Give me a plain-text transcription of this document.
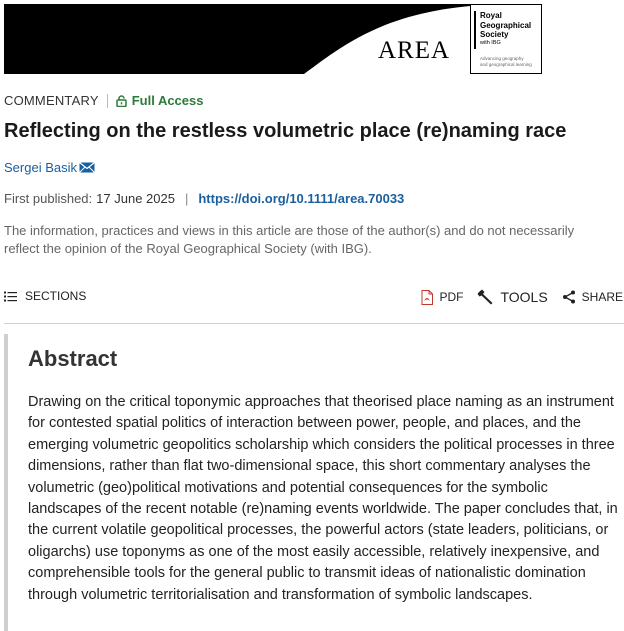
AREA
Royal
Geographical
Society
with IBG
Advancing geography
and geographical learning
COMMENTARY	Full Access
Reflecting on the restless volumetric place (re)naming race
Sergei Basik
First published: 17 June 2025 | https://doi.org/10.1111/area.70033

The information, practices and views in this article are those of the author(s) and do not necessarily reflect the opinion of the Royal Geographical Society (with IBG).

SECTIONS	PDF	TOOLS	SHARE
Abstract

Drawing on the critical toponymic approaches that theorised place naming as an instrument for contested spatial politics of interaction between power, people, and places, and the emerging volumetric geopolitics scholarship which considers the political processes in three dimensions, rather than flat two-dimensional space, this short commentary analyses the volumetric (geo)political motivations and potential consequences for the symbolic landscapes of the recent notable (re)naming events worldwide. The paper concludes that, in the current volatile geopolitical processes, the powerful actors (state leaders, politicians, or oligarchs) use toponyms as one of the most easily accessible, relatively inexpensive, and comprehensible tools for the general public to transmit ideas of nationalistic domination through volumetric territorialisation and transformation of symbolic landscapes.
